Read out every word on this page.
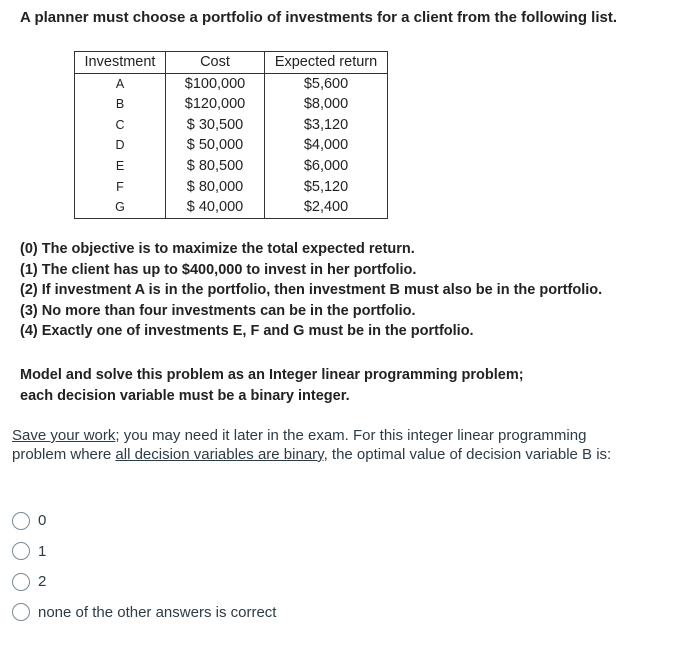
A planner must choose a portfolio of investments for a client from the following list.
Investment	Cost	Expected return
A	$100,000	$5,600
B	$120,000	$8,000
C	$ 30,500	$3,120
D	$ 50,000	$4,000
E	$ 80,500	$6,000
F	$ 80,000	$5,120
G	$ 40,000	$2,400
(0) The objective is to maximize the total expected return.
(1) The client has up to $400,000 to invest in her portfolio.
(2) If investment A is in the portfolio, then investment B must also be in the portfolio.
(3) No more than four investments can be in the portfolio.
(4) Exactly one of investments E, F and G must be in the portfolio.
Model and solve this problem as an Integer linear programming problem;
each decision variable must be a binary integer.
Save your work; you may need it later in the exam. For this integer linear programming problem where all decision variables are binary, the optimal value of decision variable B is:
0
1
2
none of the other answers is correct
